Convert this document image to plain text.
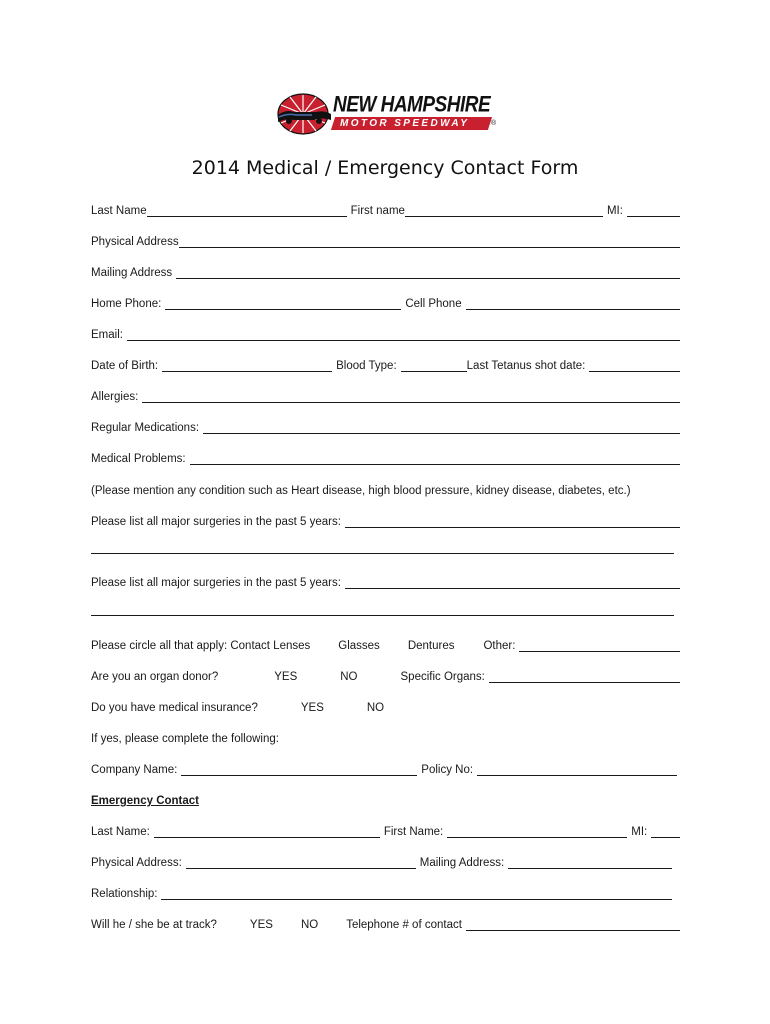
NEW HAMPSHIRE
MOTOR SPEEDWAY	®
2014 Medical / Emergency Contact Form
Last Name	First name	MI:
Physical Address
Mailing Address
Home Phone:	Cell Phone
Email:
Date of Birth:	Blood Type:	Last Tetanus shot date:
Allergies:
Regular Medications:
Medical Problems:
(Please mention any condition such as Heart disease, high blood pressure, kidney disease, diabetes, etc.)
Please list all major surgeries in the past 5 years:
Please list all major surgeries in the past 5 years:
Please circle all that apply: Contact Lenses Glasses Dentures	Other:
Are you an organ donor?	YES	NO	Specific Organs:
Do you have medical insurance?	YES	NO
If yes, please complete the following:
Company Name:	Policy No:
Emergency Contact
Last Name:	First Name:	MI:
Physical Address:	Mailing Address:
Relationship:
Will he / she be at track?	YES NO Telephone # of contact
